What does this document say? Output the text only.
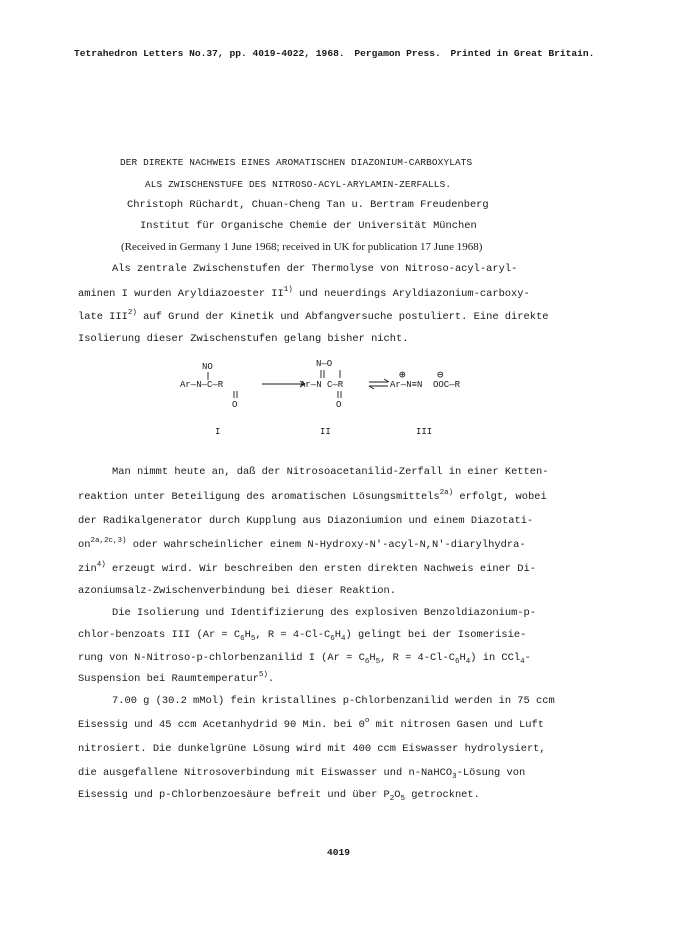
Tetrahedron Letters No.37, pp. 4019-4022, 1968. Pergamon Press. Printed in Great Britain.
DER DIREKTE NACHWEIS EINES AROMATISCHEN DIAZONIUM-CARBOXYLATS
ALS ZWISCHENSTUFE DES NITROSO-ACYL-ARYLAMIN-ZERFALLS.
Christoph Rüchardt, Chuan-Cheng Tan u. Bertram Freudenberg
Institut für Organische Chemie der Universität München
(Received in Germany 1 June 1968; received in UK for publication 17 June 1968)
Als zentrale Zwischenstufen der Thermolyse von Nitroso-acyl-aryl-
aminen I wurden Aryldiazoester II$^{1)}$ und neuerdings Aryldiazonium-carboxy-
late III$^{2)}$ auf Grund der Kinetik und Abfangversuche postuliert. Eine direkte
Isolierung dieser Zwischenstufen gelang bisher nicht.
NO
Ar—N—C—R
O
N—O
Ar—N C—R
O
⊕	⊖
Ar—N≡N OOC—R
I	II	III
Man nimmt heute an, daß der Nitrosoacetanilid-Zerfall in einer Ketten-
reaktion unter Beteiligung des aromatischen Lösungsmittels$^{2a)}$ erfolgt, wobei
der Radikalgenerator durch Kupplung aus Diazoniumion und einem Diazotati-
$on^{2a,2c,3)}$ oder wahrscheinlicher einem N-Hydroxy-N'-acyl-N,N'-diarylhydra-
zin$^{4)}$ erzeugt wird. Wir beschreiben den ersten direkten Nachweis einer Di-
azoniumsalz-Zwischenverbindung bei dieser Reaktion.
Die Isolierung und Identifizierung des explosiven Benzoldiazonium-p-
chlor-benzoats III ($Ar = C_6H_5$, $R = 4-Cl-C_6H_4$) gelingt bei der Isomerisie-
rung von N-Nitroso-p-chlorbenzanilid I ($Ar = C_6H_5$, $R = 4-Cl-C_6H_4$) in CCl$_4$-
Suspension bei Raumtemperatur$^{5)}$.
7.00 g (30.2 mMol) fein kristallines p-Chlorbenzanilid werden in 75 ccm
Eisessig und 45 ccm Acetanhydrid 90 Min. bei 0$^o$ mit nitrosen Gasen und Luft
nitrosiert. Die dunkelgrüne Lösung wird mit 400 ccm Eiswasser hydrolysiert,
die ausgefallene Nitrosoverbindung mit Eiswasser und n-NaHCO$_3$-Lösung von
Eisessig und p-Chlorbenzoesäure befreit und über $P_2O_5$ getrocknet.
4019
